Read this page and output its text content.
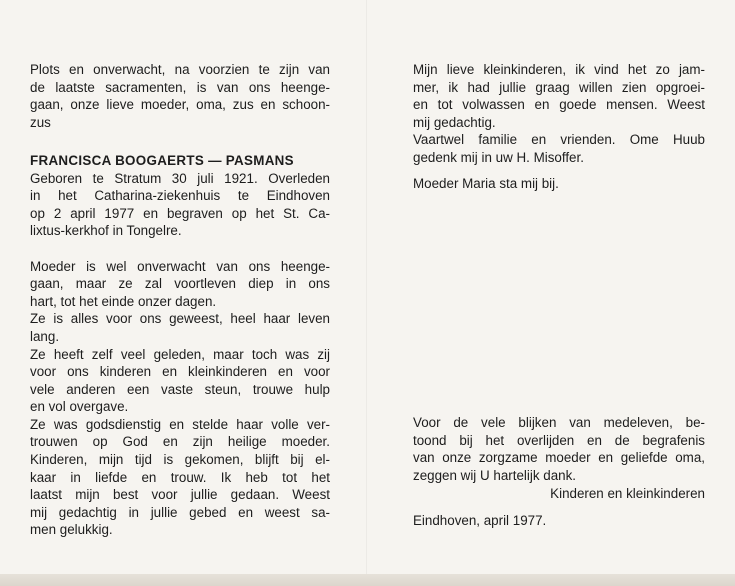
Plots en onverwacht, na voorzien te zijn van
de laatste sacramenten, is van ons heenge-
gaan, onze lieve moeder, oma, zus en schoon-
zus
FRANCISCA BOOGAERTS — PASMANS
Geboren te Stratum 30 juli 1921. Overleden
in het Catharina-ziekenhuis te Eindhoven
op 2 april 1977 en begraven op het St. Ca-
lixtus-kerkhof in Tongelre.
Moeder is wel onverwacht van ons heenge-
gaan, maar ze zal voortleven diep in ons
hart, tot het einde onzer dagen.
Ze is alles voor ons geweest, heel haar leven
lang.
Ze heeft zelf veel geleden, maar toch was zij
voor ons kinderen en kleinkinderen en voor
vele anderen een vaste steun, trouwe hulp
en vol overgave.
Ze was godsdienstig en stelde haar volle ver-
trouwen op God en zijn heilige moeder.
Kinderen, mijn tijd is gekomen, blijft bij el-
kaar in liefde en trouw. Ik heb tot het
laatst mijn best voor jullie gedaan. Weest
mij gedachtig in jullie gebed en weest sa-
men gelukkig.
Mijn lieve kleinkinderen, ik vind het zo jam-
mer, ik had jullie graag willen zien opgroei-
en tot volwassen en goede mensen. Weest
mij gedachtig.
Vaartwel familie en vrienden. Ome Huub
gedenk mij in uw H. Misoffer.
Moeder Maria sta mij bij.
Voor de vele blijken van medeleven, be-
toond bij het overlijden en de begrafenis
van onze zorgzame moeder en geliefde oma,
zeggen wij U hartelijk dank.
Kinderen en kleinkinderen
Eindhoven, april 1977.
